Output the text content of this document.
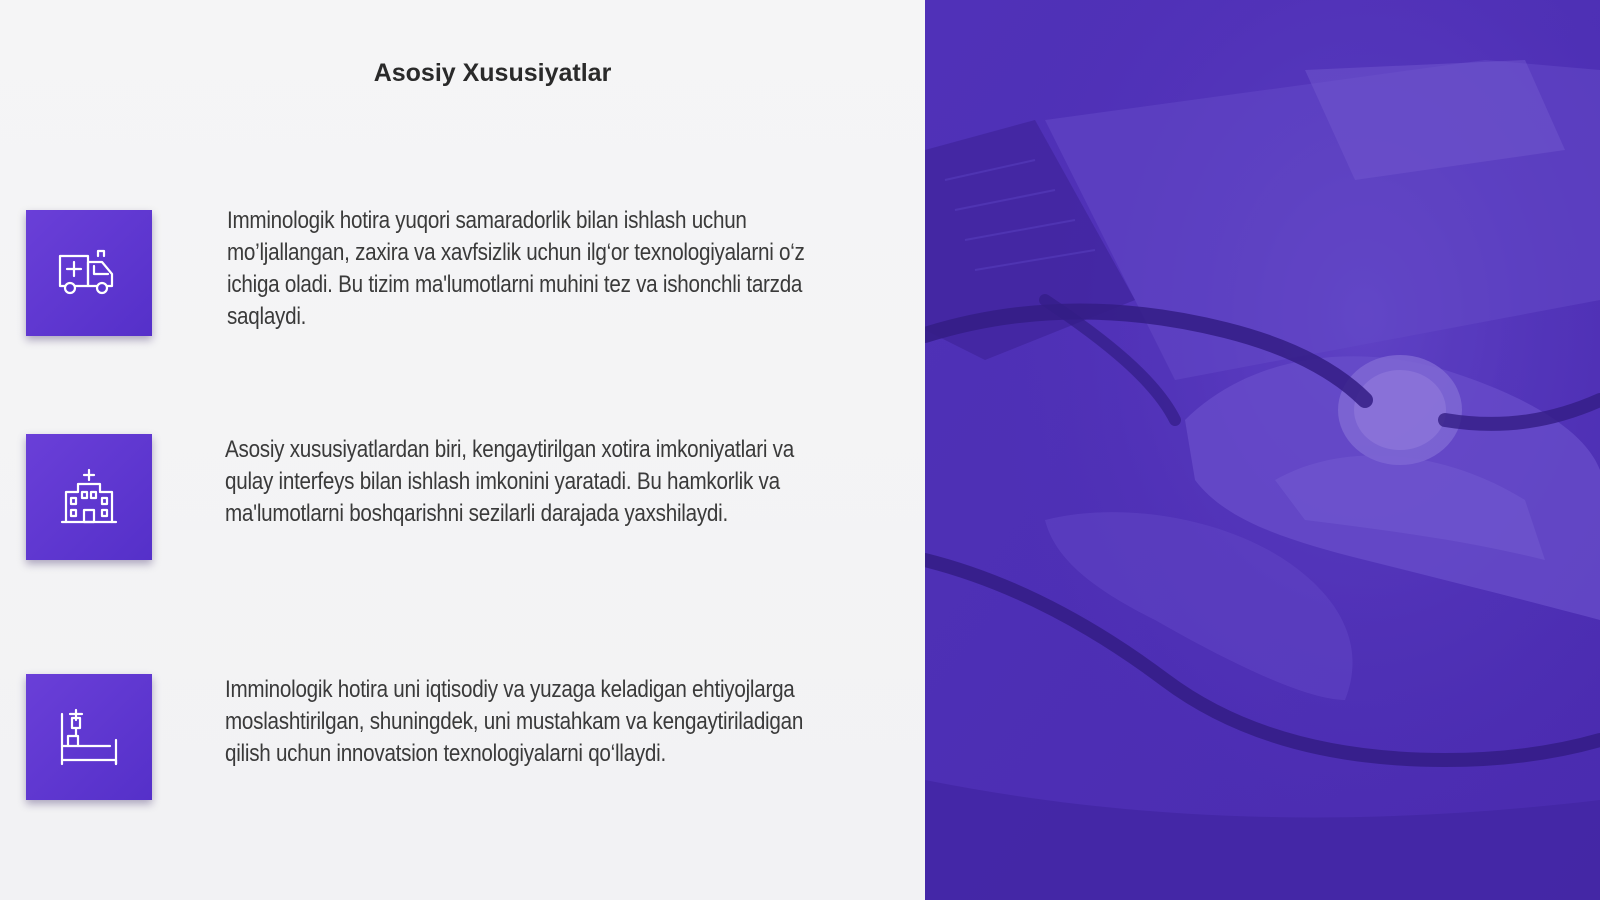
Asosiy Xususiyatlar
Imminologik hotira yuqori samaradorlik bilan ishlash uchun mo’ljallangan, zaxira va xavfsizlik uchun ilg‘or texnologiyalarni o‘z ichiga oladi. Bu tizim ma'lumotlarni muhini tez va ishonchli tarzda saqlaydi.
Asosiy xususiyatlardan biri, kengaytirilgan xotira imkoniyatlari va qulay interfeys bilan ishlash imkonini yaratadi. Bu hamkorlik va ma'lumotlarni boshqarishni sezilarli darajada yaxshilaydi.
Imminologik hotira uni iqtisodiy va yuzaga keladigan ehtiyojlarga moslashtirilgan, shuningdek, uni mustahkam va kengaytiriladigan qilish uchun innovatsion texnologiyalarni qo‘llaydi.
